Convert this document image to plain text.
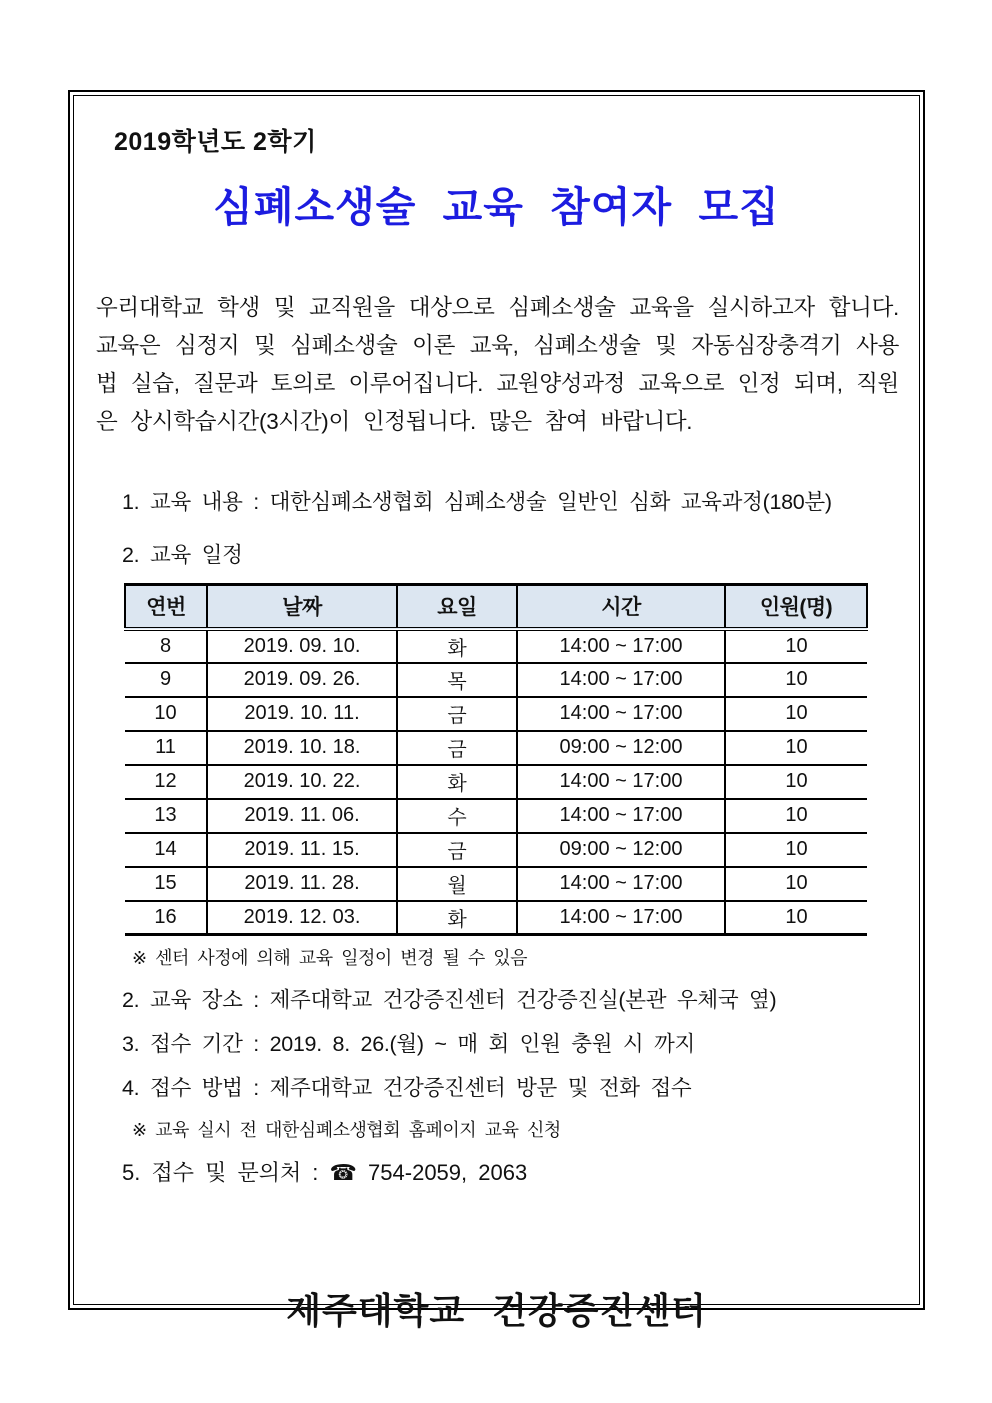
2019학년도 2학기
심폐소생술 교육 참여자 모집

우리대학교 학생 및 교직원을 대상으로 심폐소생술 교육을 실시하고자 합니다. 교육은 심정지 및 심폐소생술 이론 교육, 심폐소생술 및 자동심장충격기 사용법 실습, 질문과 토의로 이루어집니다. 교원양성과정 교육으로 인정 되며, 직원은 상시학습시간(3시간)이 인정됩니다. 많은 참여 바랍니다.

1. 교육 내용 : 대한심폐소생협회 심폐소생술 일반인 심화 교육과정(180분)
2. 교육 일정
연번	날짜	요일	시간	인원(명)
8	2019. 09. 10.	화	14:00 ~ 17:00	10
9	2019. 09. 26.	목	14:00 ~ 17:00	10
10	2019. 10. 11.	금	14:00 ~ 17:00	10
11	2019. 10. 18.	금	09:00 ~ 12:00	10
12	2019. 10. 22.	화	14:00 ~ 17:00	10
13	2019. 11. 06.	수	14:00 ~ 17:00	10
14	2019. 11. 15.	금	09:00 ~ 12:00	10
15	2019. 11. 28.	월	14:00 ~ 17:00	10
16	2019. 12. 03.	화	14:00 ~ 17:00	10
※ 센터 사정에 의해 교육 일정이 변경 될 수 있음
2. 교육 장소 : 제주대학교 건강증진센터 건강증진실(본관 우체국 옆)
3. 접수 기간 : 2019. 8. 26.(월) ~ 매 회 인원 충원 시 까지
4. 접수 방법 : 제주대학교 건강증진센터 방문 및 전화 접수
※ 교육 실시 전 대한심폐소생협회 홈페이지 교육 신청
5. 접수 및 문의처 : ☎ 754-2059, 2063
제주대학교 건강증진센터
